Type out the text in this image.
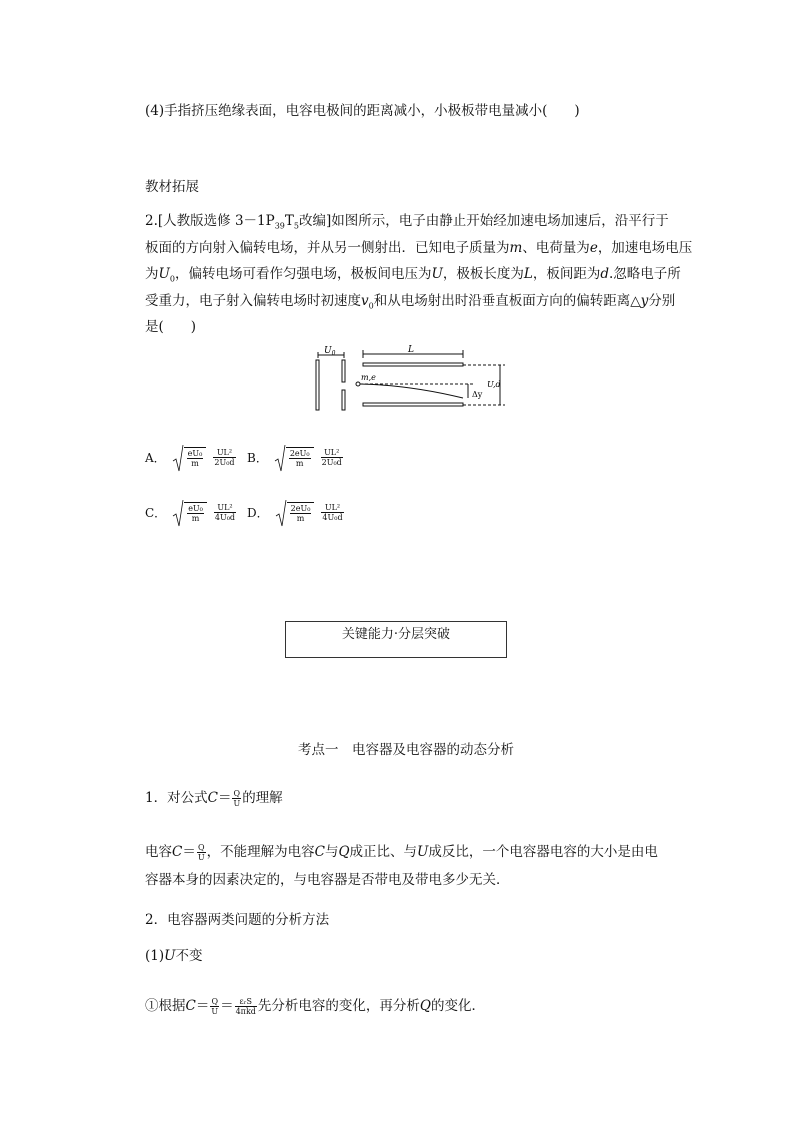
(4)手指挤压绝缘表面，电容电极间的距离减小，小极板带电量减小(　　)
教材拓展
2.[人教版选修 $3-1P_{39}T_5$改编]如图所示，电子由静止开始经加速电场加速后，沿平行于
板面的方向射入偏转电场，并从另一侧射出．已知电子质量为m、电荷量为e，加速电场电压
为$U_0$，偏转电场可看作匀强电场，极板间电压为U，极板长度为L，板间距为d.忽略电子所
受重力，电子射入偏转电场时初速度$v_0$和从电场射出时沿垂直板面方向的偏转距离△y分别
是(　　)
$U_0$	L
m,e
U,d
Δy
A．	$\frac{\text{eU₀}}{m} \frac{\text{UL²}}{\text{2U₀d}}$ B．	$\frac{\text{2eU₀}}{m} \frac{\text{UL²}}{\text{2U₀d}}$
C．	$\frac{\text{eU₀}}{m} \frac{\text{UL²}}{\text{4U₀d}}$ D．	$\frac{\text{2eU₀}}{m} \frac{\text{UL²}}{\text{4U₀d}}$
关键能力·分层突破
考点一　电容器及电容器的动态分析
1．对公式$C= \frac{Q}{U}$ 的理解
电容$C= \frac{Q}{U}$ ，不能理解为电容C与Q成正比、与U成反比，一个电容器电容的大小是由电
容器本身的因素决定的，与电容器是否带电及带电多少无关．
2．电容器两类问题的分析方法
(1)U不变
①根据$C= \frac{Q}{U} = \frac{\text{εᵣS}}{\text{4πkd}}$ 先分析电容的变化，再分析Q的变化．
